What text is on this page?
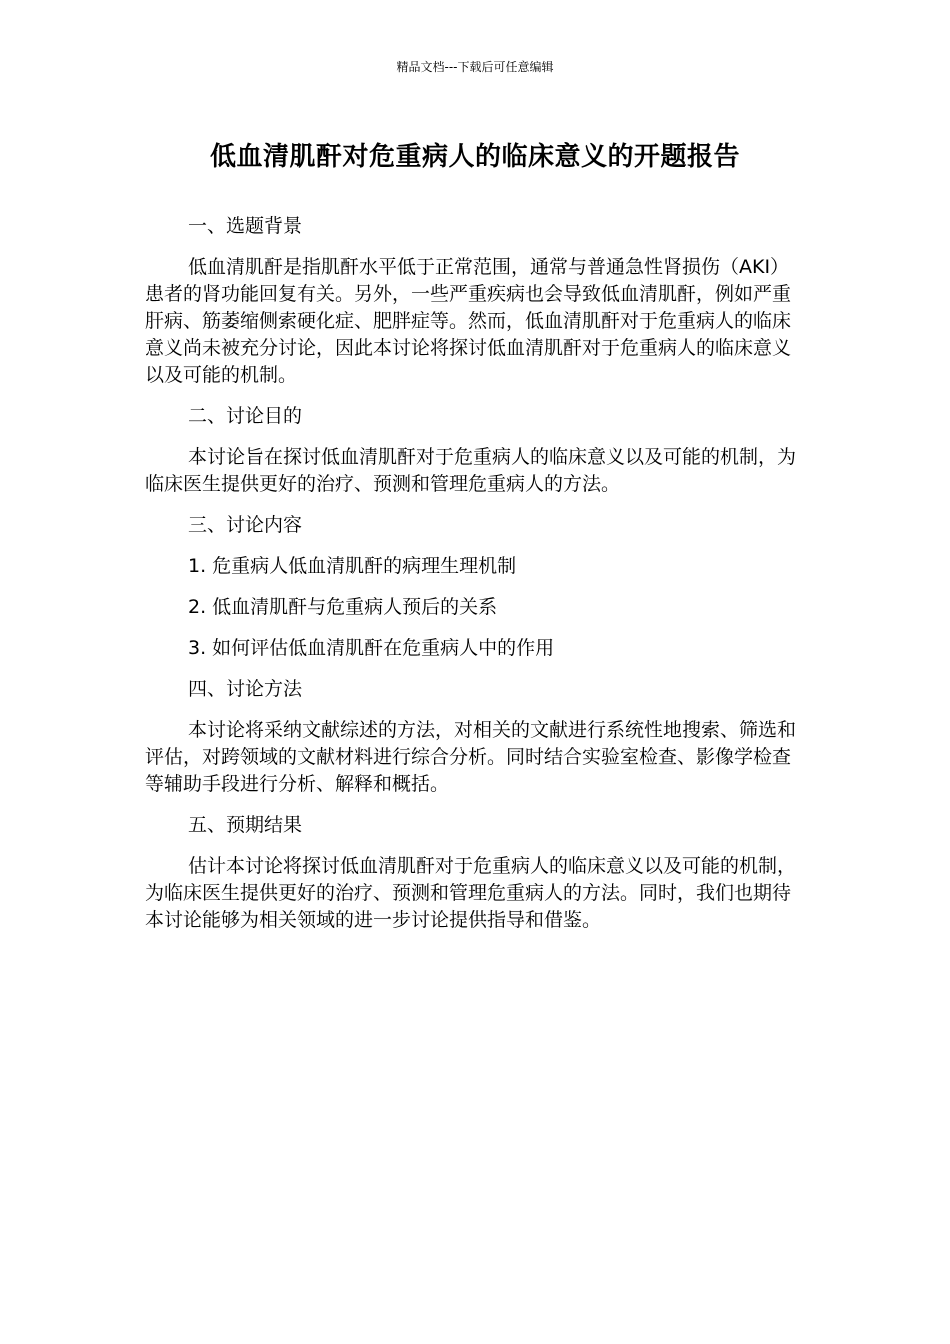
精品文档---下载后可任意编辑
低血清肌酐对危重病人的临床意义的开题报告

一、选题背景

低血清肌酐是指肌酐水平低于正常范围，通常与普通急性肾损伤（AKI）患者的肾功能回复有关。另外，一些严重疾病也会导致低血清肌酐，例如严重肝病、筋萎缩侧索硬化症、肥胖症等。然而，低血清肌酐对于危重病人的临床意义尚未被充分讨论，因此本讨论将探讨低血清肌酐对于危重病人的临床意义以及可能的机制。

二、讨论目的

本讨论旨在探讨低血清肌酐对于危重病人的临床意义以及可能的机制，为临床医生提供更好的治疗、预测和管理危重病人的方法。

三、讨论内容

1. 危重病人低血清肌酐的病理生理机制

2. 低血清肌酐与危重病人预后的关系

3. 如何评估低血清肌酐在危重病人中的作用

四、讨论方法

本讨论将采纳文献综述的方法，对相关的文献进行系统性地搜索、筛选和评估，对跨领域的文献材料进行综合分析。同时结合实验室检查、影像学检查等辅助手段进行分析、解释和概括。

五、预期结果

估计本讨论将探讨低血清肌酐对于危重病人的临床意义以及可能的机制，为临床医生提供更好的治疗、预测和管理危重病人的方法。同时，我们也期待本讨论能够为相关领域的进一步讨论提供指导和借鉴。
